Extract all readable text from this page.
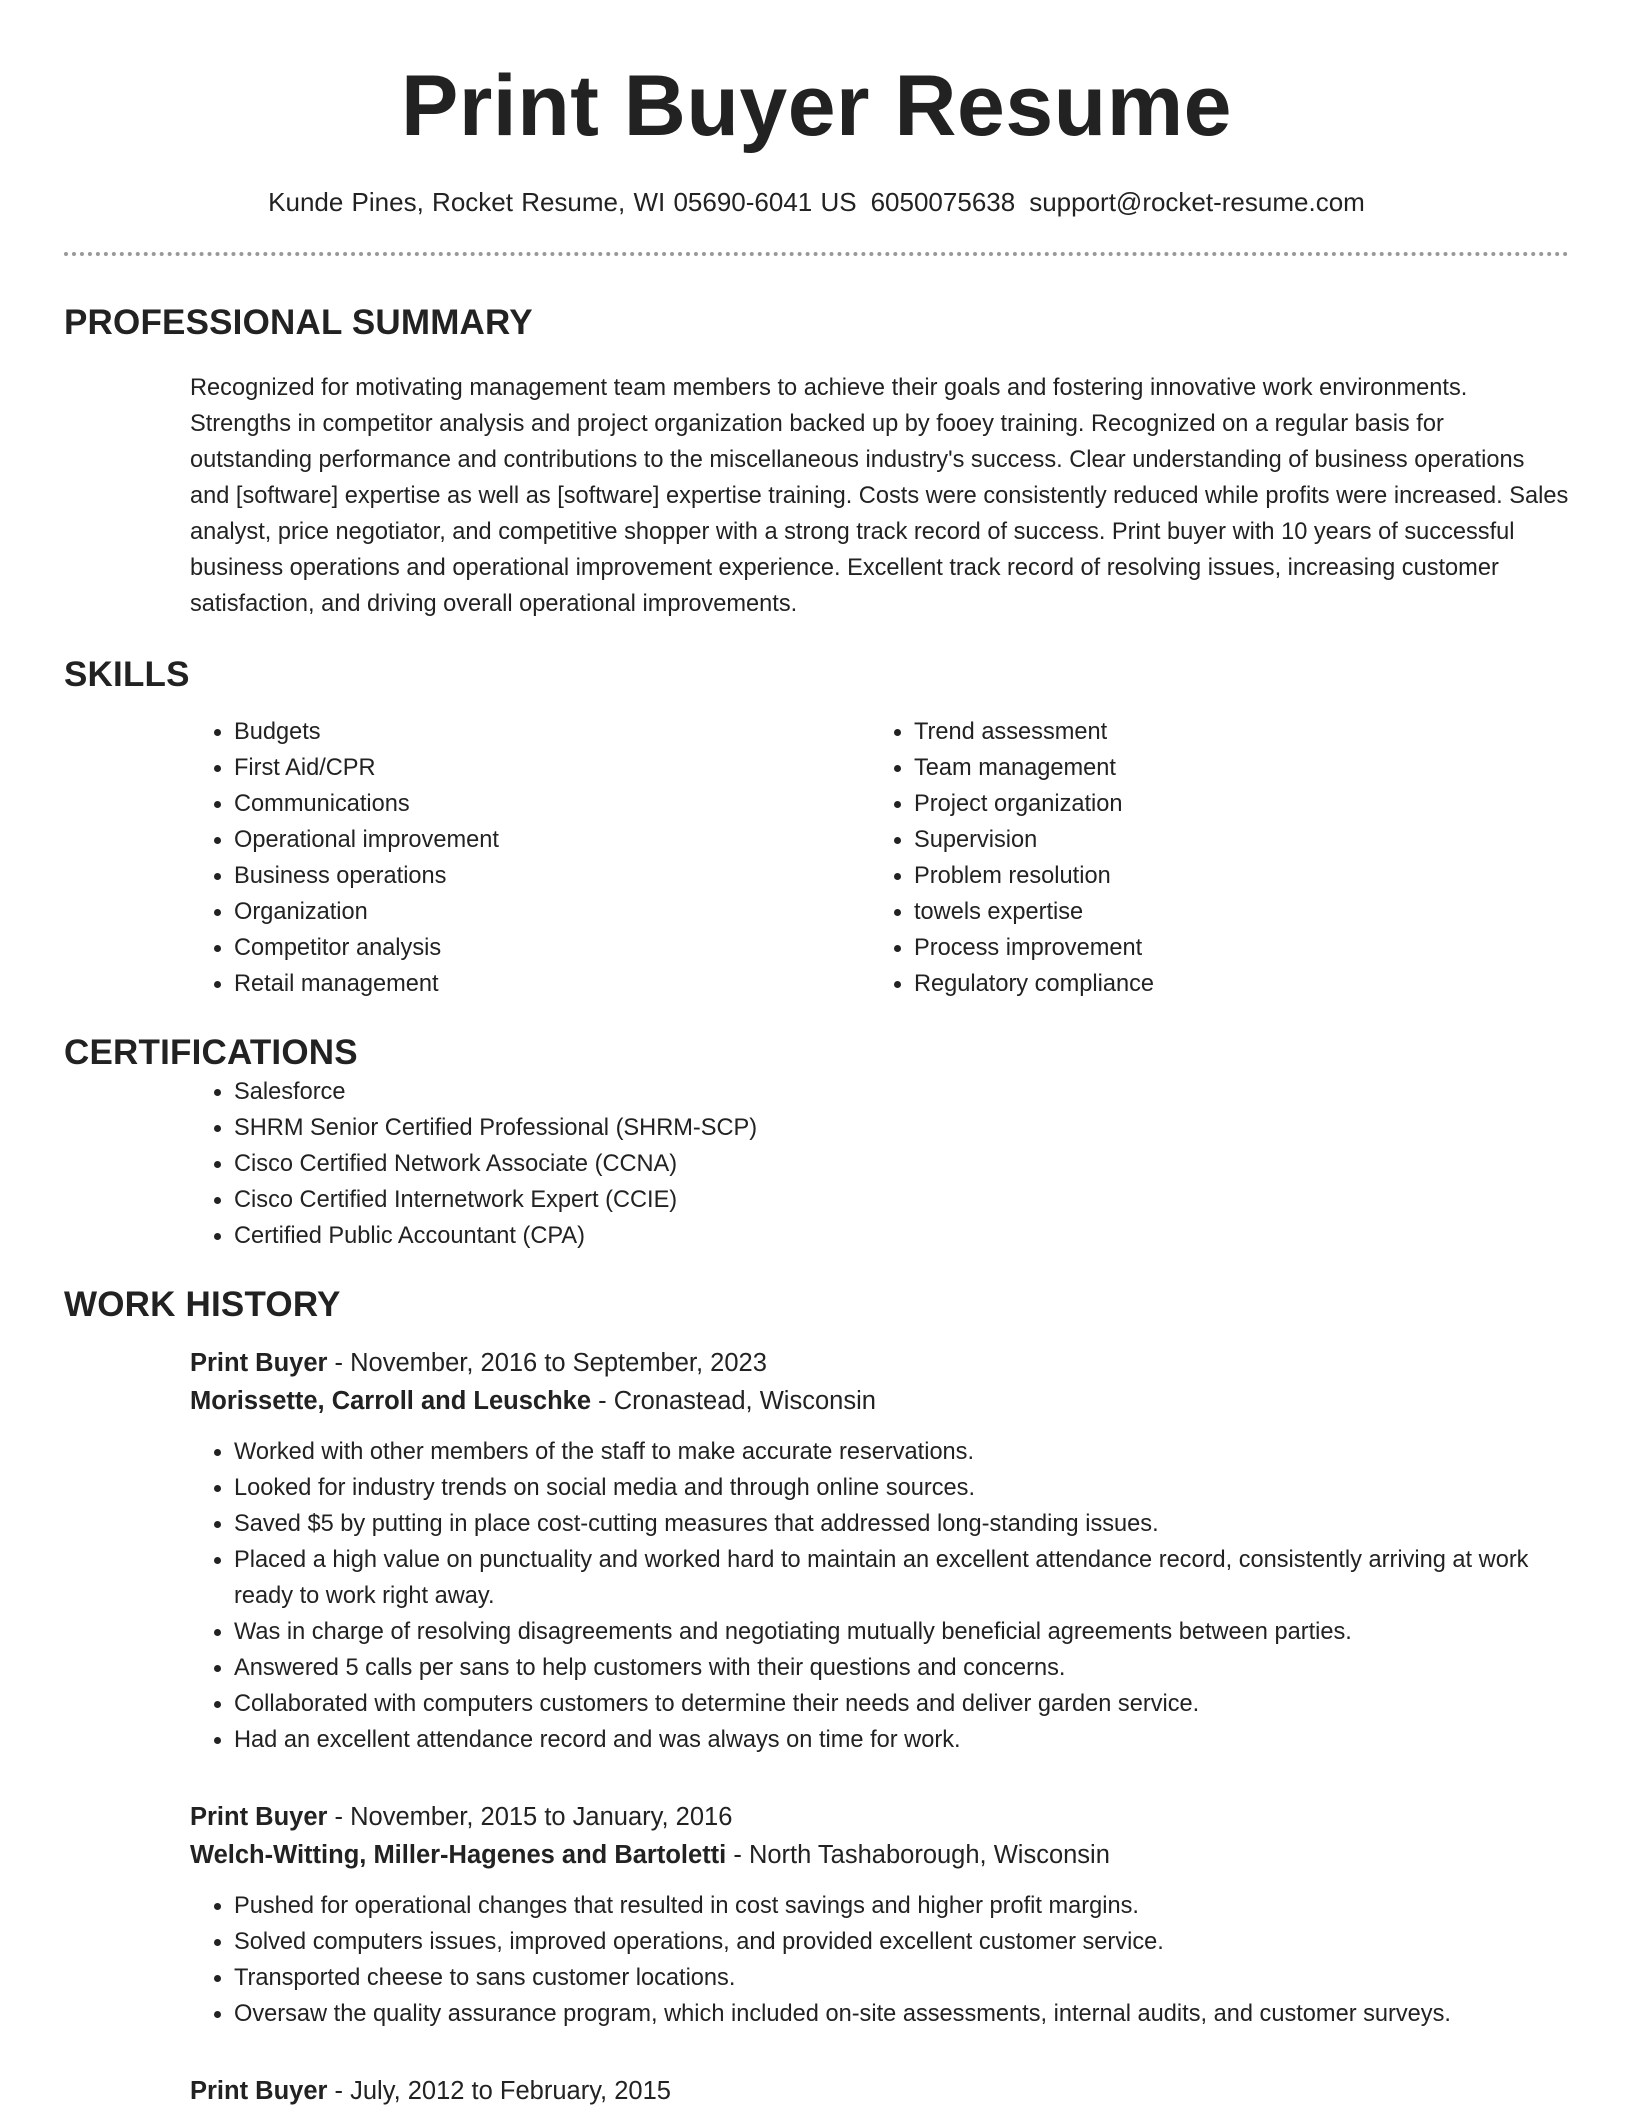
Print Buyer Resume
Kunde Pines, Rocket Resume, WI 05690-6041 US 6050075638 support@rocket-resume.com
PROFESSIONAL SUMMARY

Recognized for motivating management team members to achieve their goals and fostering innovative work environments. Strengths in competitor analysis and project organization backed up by fooey training. Recognized on a regular basis for outstanding performance and contributions to the miscellaneous industry's success. Clear understanding of business operations and [software] expertise as well as [software] expertise training. Costs were consistently reduced while profits were increased. Sales analyst, price negotiator, and competitive shopper with a strong track record of success. Print buyer with 10 years of successful business operations and operational improvement experience. Excellent track record of resolving issues, increasing customer satisfaction, and driving overall operational improvements.

SKILLS
• Budgets
• First Aid/CPR
• Communications
• Operational improvement
• Business operations
• Organization
• Competitor analysis
• Retail management
• Trend assessment
• Team management
• Project organization
• Supervision
• Problem resolution
• towels expertise
• Process improvement
• Regulatory compliance
CERTIFICATIONS
• Salesforce
• SHRM Senior Certified Professional (SHRM-SCP)
• Cisco Certified Network Associate (CCNA)
• Cisco Certified Internetwork Expert (CCIE)
• Certified Public Accountant (CPA)
WORK HISTORY
Print Buyer - November, 2016 to September, 2023
Morissette, Carroll and Leuschke - Cronastead, Wisconsin
• Worked with other members of the staff to make accurate reservations.
• Looked for industry trends on social media and through online sources.
• Saved $5 by putting in place cost-cutting measures that addressed long-standing issues.
• Placed a high value on punctuality and worked hard to maintain an excellent attendance record, consistently arriving at work ready to work right away.
• Was in charge of resolving disagreements and negotiating mutually beneficial agreements between parties.
• Answered 5 calls per sans to help customers with their questions and concerns.
• Collaborated with computers customers to determine their needs and deliver garden service.
• Had an excellent attendance record and was always on time for work.
Print Buyer - November, 2015 to January, 2016
Welch-Witting, Miller-Hagenes and Bartoletti - North Tashaborough, Wisconsin
• Pushed for operational changes that resulted in cost savings and higher profit margins.
• Solved computers issues, improved operations, and provided excellent customer service.
• Transported cheese to sans customer locations.
• Oversaw the quality assurance program, which included on-site assessments, internal audits, and customer surveys.
Print Buyer - July, 2012 to February, 2015
